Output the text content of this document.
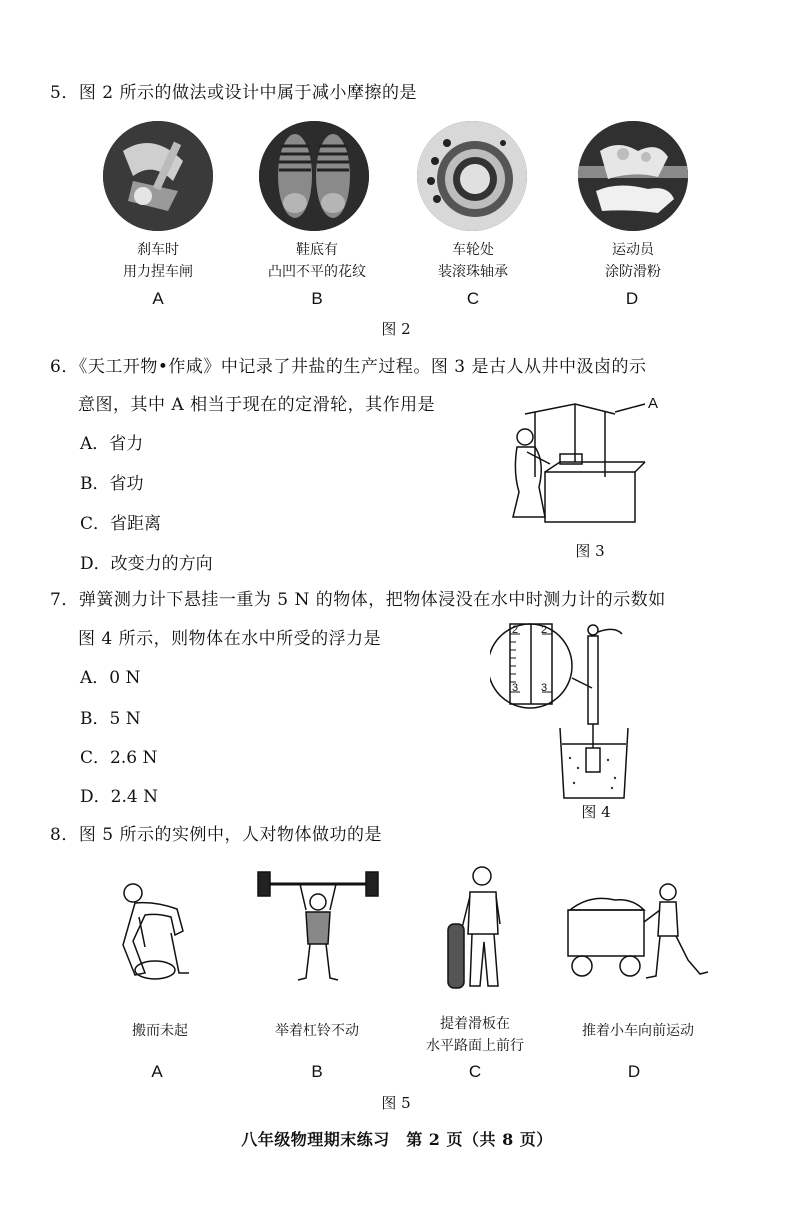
5．图 2 所示的做法或设计中属于减小摩擦的是
刹车时
用力捏车闸
鞋底有
凸凹不平的花纹
车轮处
装滚珠轴承
运动员
涂防滑粉
A	B	C	D
图 2
6．《天工开物•作咸》中记录了井盐的生产过程。图 3 是古人从井中汲卤的示
意图，其中 A 相当于现在的定滑轮，其作用是
A．省力
B．省功
C．省距离
D．改变力的方向
A
图 3
7．弹簧测力计下悬挂一重为 5 N 的物体，把物体浸没在水中时测力计的示数如
图 4 所示，则物体在水中所受的浮力是
A．0 N
B．5 N
C．2.6 N
D．2.4 N
2
3
2
3
图 4
8．图 5 所示的实例中，人对物体做功的是
搬而未起	举着杠铃不动	提着滑板在
水平路面上前行
推着小车向前运动
A	B	C	D
图 5
八年级物理期末练习　第 2 页（共 8 页）
